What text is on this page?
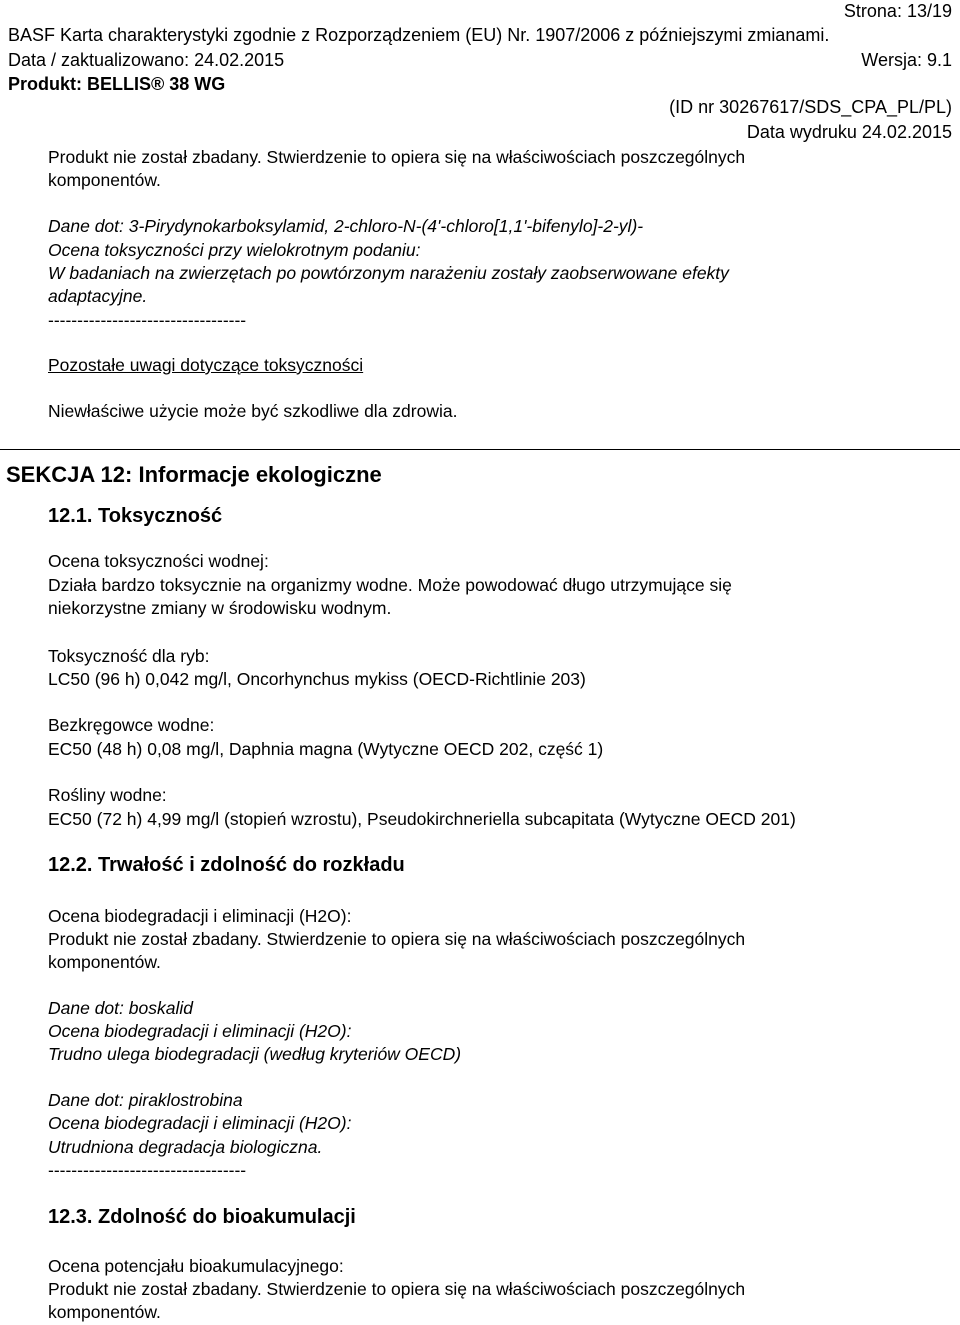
Strona: 13/19
BASF Karta charakterystyki zgodnie z Rozporządzeniem (EU) Nr. 1907/2006 z późniejszymi zmianami.
Data / zaktualizowano: 24.02.2015	Wersja: 9.1
Produkt: BELLIS® 38 WG
(ID nr 30267617/SDS_CPA_PL/PL)
Data wydruku 24.02.2015
Produkt nie został zbadany. Stwierdzenie to opiera się na właściwościach poszczególnych
komponentów.
Dane dot: 3-Pirydynokarboksylamid, 2-chloro-N-(4'-chloro[1,1'-bifenylo]-2-yl)-
Ocena toksyczności przy wielokrotnym podaniu:
W badaniach na zwierzętach po powtórzonym narażeniu zostały zaobserwowane efekty
adaptacyjne.
----------------------------------
Pozostałe uwagi dotyczące toksyczności
Niewłaściwe użycie może być szkodliwe dla zdrowia.
SEKCJA 12: Informacje ekologiczne
12.1. Toksyczność
Ocena toksyczności wodnej:
Działa bardzo toksycznie na organizmy wodne. Może powodować długo utrzymujące się
niekorzystne zmiany w środowisku wodnym.
Toksyczność dla ryb:
LC50 (96 h) 0,042 mg/l, Oncorhynchus mykiss (OECD-Richtlinie 203)
Bezkręgowce wodne:
EC50 (48 h) 0,08 mg/l, Daphnia magna (Wytyczne OECD 202, część 1)
Rośliny wodne:
EC50 (72 h) 4,99 mg/l (stopień wzrostu), Pseudokirchneriella subcapitata (Wytyczne OECD 201)
12.2. Trwałość i zdolność do rozkładu
Ocena biodegradacji i eliminacji (H2O):
Produkt nie został zbadany. Stwierdzenie to opiera się na właściwościach poszczególnych
komponentów.
Dane dot: boskalid
Ocena biodegradacji i eliminacji (H2O):
Trudno ulega biodegradacji (według kryteriów OECD)
Dane dot: piraklostrobina
Ocena biodegradacji i eliminacji (H2O):
Utrudniona degradacja biologiczna.
----------------------------------
12.3. Zdolność do bioakumulacji
Ocena potencjału bioakumulacyjnego:
Produkt nie został zbadany. Stwierdzenie to opiera się na właściwościach poszczególnych
komponentów.
